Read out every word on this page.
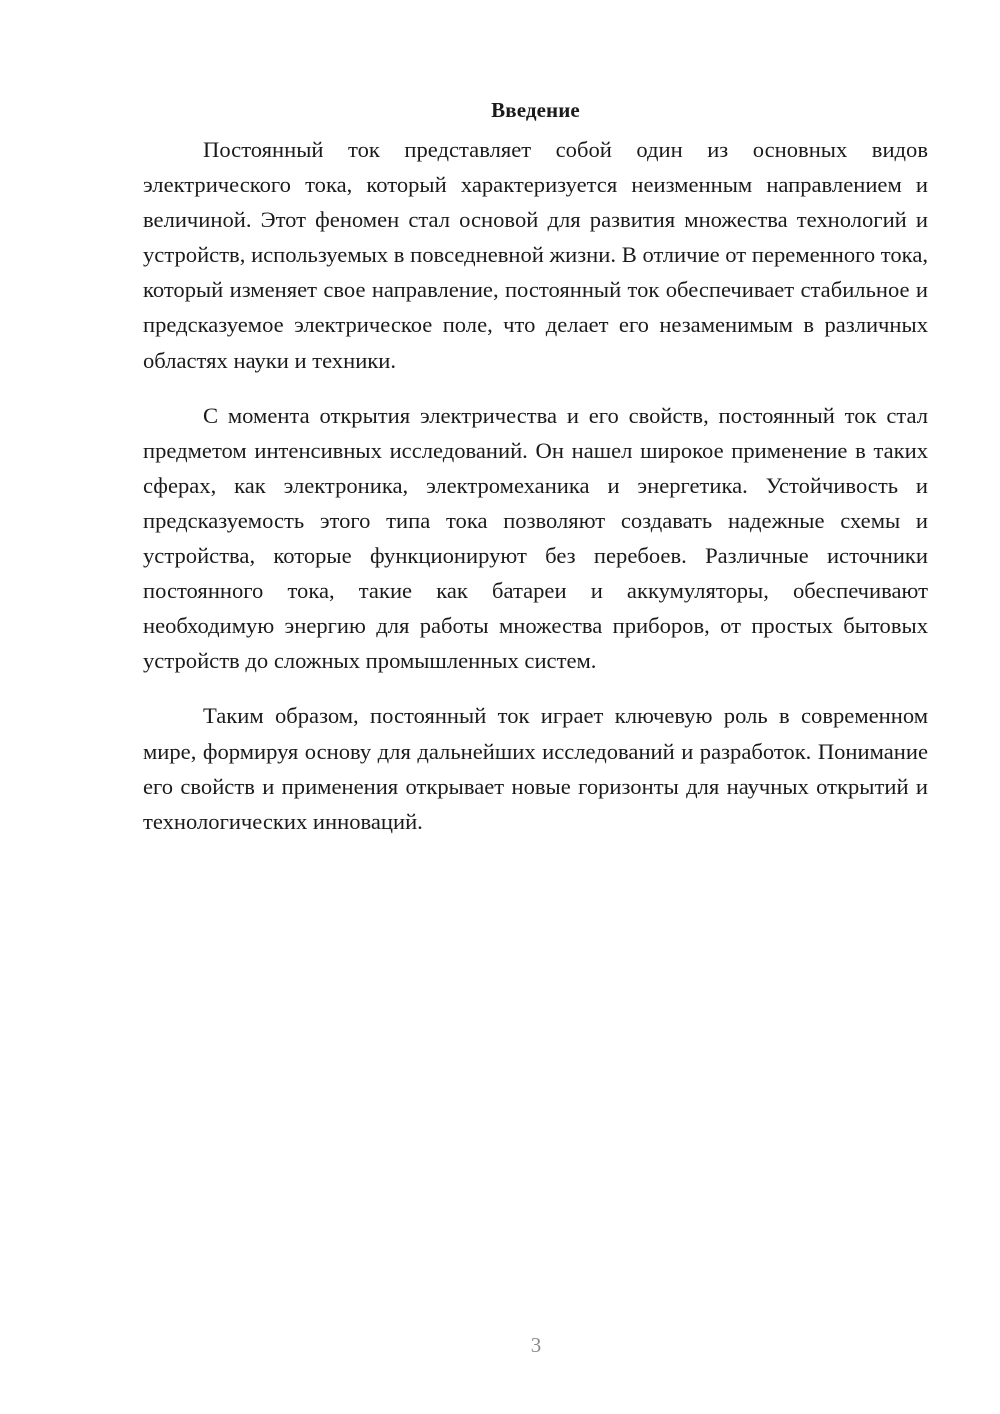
Введение

Постоянный ток представляет собой один из основных видов электрического тока, который характеризуется неизменным направлением и величиной. Этот феномен стал основой для развития множества технологий и устройств, используемых в повседневной жизни. В отличие от переменного тока, который изменяет свое направление, постоянный ток обеспечивает стабильное и предсказуемое электрическое поле, что делает его незаменимым в различных областях науки и техники.

С момента открытия электричества и его свойств, постоянный ток стал предметом интенсивных исследований. Он нашел широкое применение в таких сферах, как электроника, электромеханика и энергетика. Устойчивость и предсказуемость этого типа тока позволяют создавать надежные схемы и устройства, которые функционируют без перебоев. Различные источники постоянного тока, такие как батареи и аккумуляторы, обеспечивают необходимую энергию для работы множества приборов, от простых бытовых устройств до сложных промышленных систем.

Таким образом, постоянный ток играет ключевую роль в современном мире, формируя основу для дальнейших исследований и разработок. Понимание его свойств и применения открывает новые горизонты для научных открытий и технологических инноваций.

3
